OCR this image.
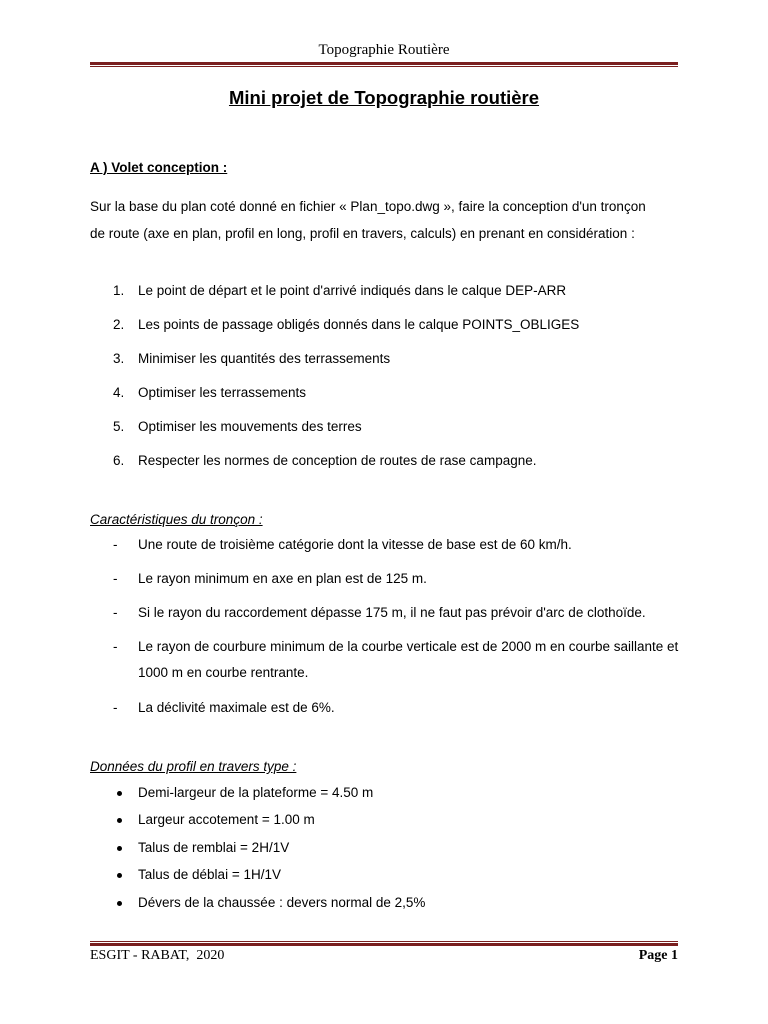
Topographie Routière
Mini projet de Topographie routière
A ) Volet conception :
Sur la base du plan coté donné en fichier « Plan_topo.dwg », faire la conception d'un tronçon de route (axe en plan, profil en long, profil en travers, calculs) en prenant en considération :
1.	Le point de départ et le point d'arrivé indiqués dans le calque DEP-ARR
2.	Les points de passage obligés donnés dans le calque POINTS_OBLIGES
3.	Minimiser les quantités des terrassements
4.	Optimiser les terrassements
5.	Optimiser les mouvements des terres
6.	Respecter les normes de conception de routes de rase campagne.
Caractéristiques du tronçon :
- Une route de troisième catégorie dont la vitesse de base est de 60 km/h.
- Le rayon minimum en axe en plan est de 125 m.
- Si le rayon du raccordement dépasse 175 m, il ne faut pas prévoir d'arc de clothoïde.
- Le rayon de courbure minimum de la courbe verticale est de 2000 m en courbe saillante et 1000 m en courbe rentrante.
- La déclivité maximale est de 6%.
Données du profil en travers type :
Demi-largeur de la plateforme = 4.50 m
Largeur accotement = 1.00 m
Talus de remblai = 2H/1V
Talus de déblai = 1H/1V
Dévers de la chaussée : devers normal de 2,5%
ESGIT - RABAT,  2020	Page 1
